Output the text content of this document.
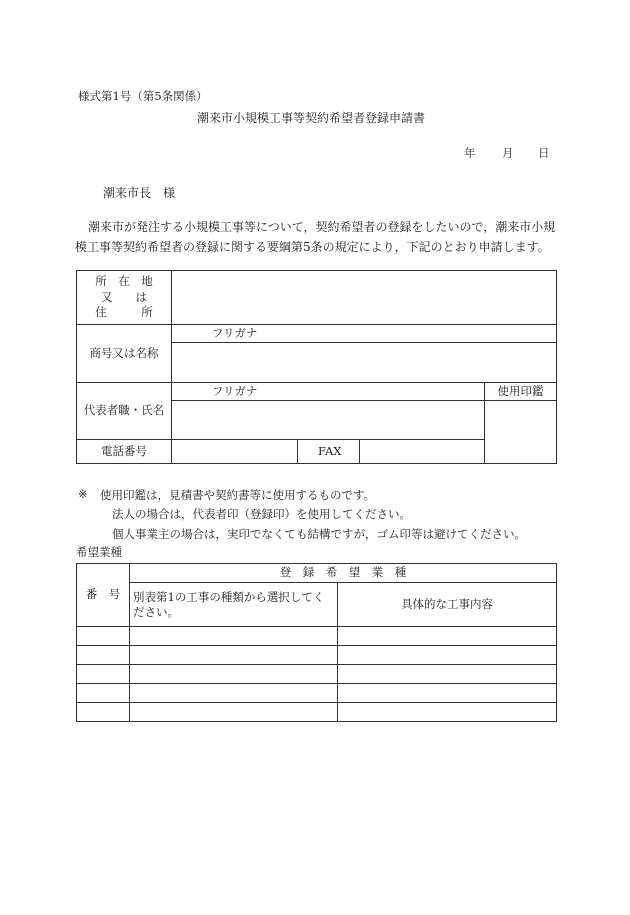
様式第1号（第5条関係）
潮来市小規模工事等契約希望者登録申請書
年 月 日
潮来市長　様
潮来市が発注する小規模工事等について，契約希望者の登録をしたいので，潮来市小規
模工事等契約希望者の登録に関する要綱第5条の規定により，下記のとおり申請します。
所　在　地
又　　は
住　　　所				

商号又は名称	フリガナ			

代表者職・氏名	フリガナ			使用印鑑

電話番号		FAX		
※ 使用印鑑は，見積書や契約書等に使用するものです。
法人の場合は，代表者印（登録印）を使用してください。
個人事業主の場合は，実印でなくても結構ですが，ゴム印等は避けてください。
希望業種
番　号	登　録　希　望　業　種	
	別表第1の工事の種類から選択してください。	具体的な工事内容
